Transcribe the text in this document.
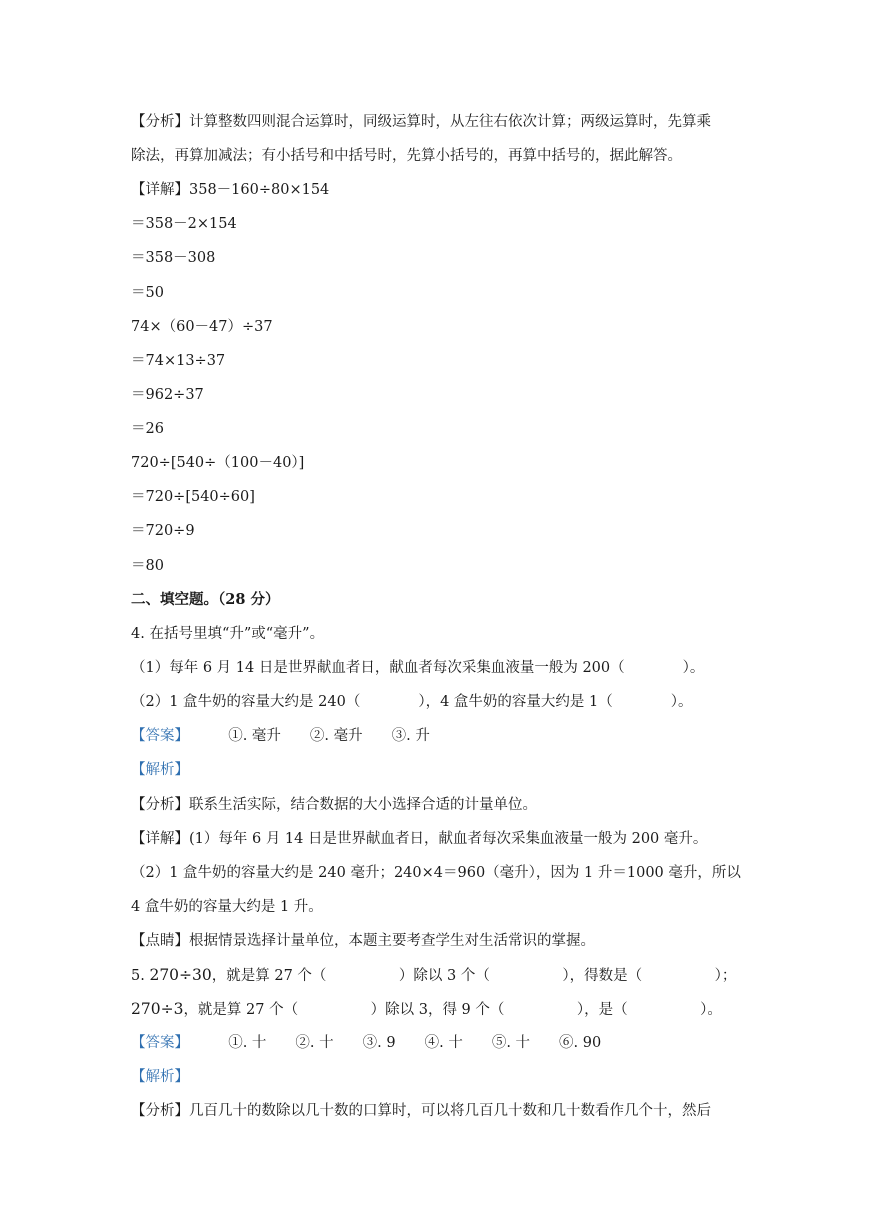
【分析】计算整数四则混合运算时，同级运算时，从左往右依次计算；两级运算时，先算乘
除法，再算加减法；有小括号和中括号时，先算小括号的，再算中括号的，据此解答。
【详解】358－160÷80×154
＝358－2×154
＝358－308
＝50
74×（60－47）÷37
＝74×13÷37
＝962÷37
＝26
720÷[540÷（100－40）]
＝720÷[540÷60]
＝720÷9
＝80
二、填空题。（28 分）
4. 在括号里填“升”或“毫升”。
（1）每年 6 月 14 日是世界献血者日，献血者每次采集血液量一般为 200（　　　　）。
（2）1 盒牛奶的容量大约是 240（　　　　），4 盒牛奶的容量大约是 1（　　　　）。
【答案】	①. 毫升　　②. 毫升　　③. 升
【解析】
【分析】联系生活实际，结合数据的大小选择合适的计量单位。
【详解】(1）每年 6 月 14 日是世界献血者日，献血者每次采集血液量一般为 200 毫升。
（2）1 盒牛奶的容量大约是 240 毫升；240×4＝960（毫升），因为 1 升＝1000 毫升，所以
4 盒牛奶的容量大约是 1 升。
【点睛】根据情景选择计量单位，本题主要考查学生对生活常识的掌握。
5. 270÷30，就是算 27 个（　　　　　）除以 3 个（　　　　　），得数是（　　　　　）；
270÷3，就是算 27 个（　　　　　）除以 3，得 9 个（　　　　　），是（　　　　　）。
【答案】	①. 十　　②. 十　　③. 9　　④. 十　　⑤. 十　　⑥. 90
【解析】
【分析】几百几十的数除以几十数的口算时，可以将几百几十数和几十数看作几个十，然后
